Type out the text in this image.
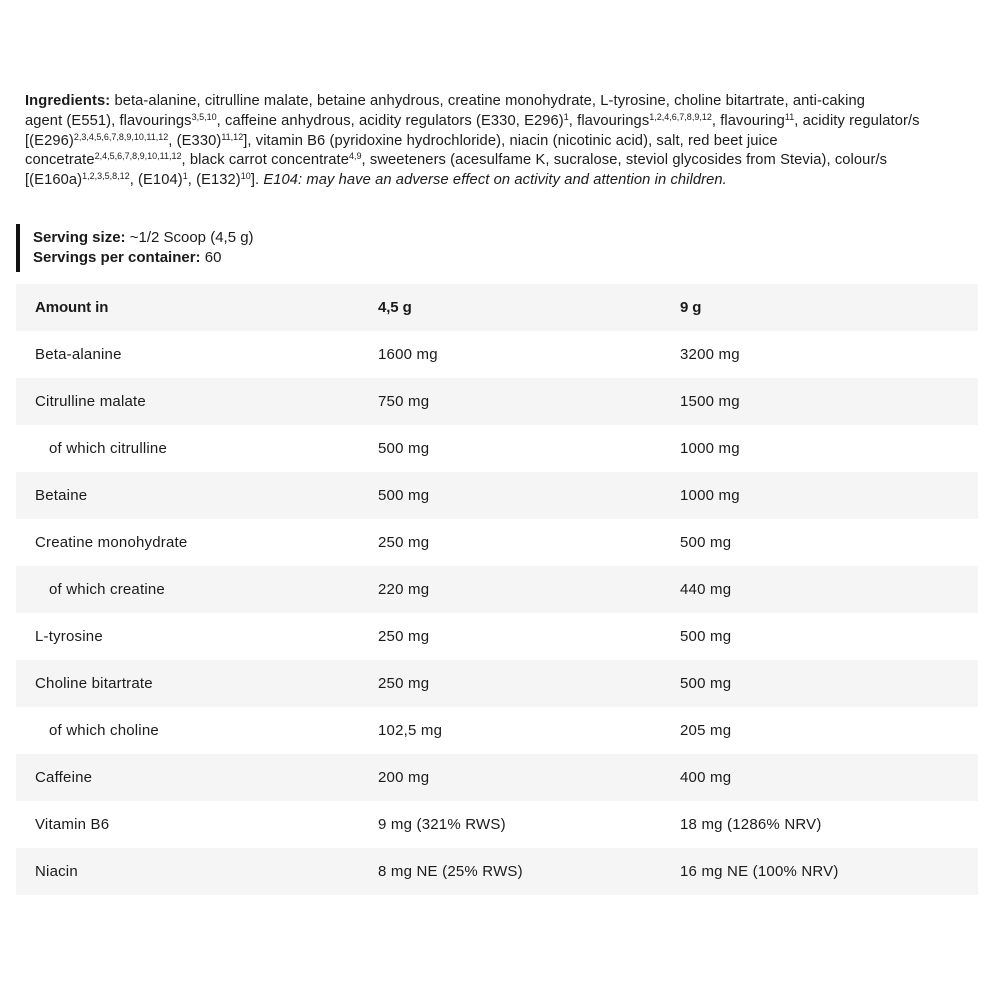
Ingredients: beta-alanine, citrulline malate, betaine anhydrous, creatine monohydrate, L-tyrosine, choline bitartrate, anti-caking
agent (E551), flavourings$^{3,5,10}$, caffeine anhydrous, acidity regulators (E330, E296)$^1$, flavourings$^{1,2,4,6,7,8,9,12}$, flavouring$^{11}$, acidity regulator/s
[$(E296)^{2,3,4,5,6,7,8,9,10,11,12}$, $(E330)^{11,12}$], vitamin B6 (pyridoxine hydrochloride), niacin (nicotinic acid), salt, red beet juice
concetrate$^{2,4,5,6,7,8,9,10,11,12}$, black carrot concentrate$^{4,9}$, sweeteners (acesulfame K, sucralose, steviol glycosides from Stevia), colour/s
[$(E160a)^{1,2,3,5,8,12}$, $(E104)^1$, $(E132)^{10}$]. E104: may have an adverse effect on activity and attention in children.

Serving size: ~1/2 Scoop (4,5 g)
Servings per container: 60
Amount in	4,5 g	9 g
Beta-alanine	1600 mg	3200 mg
Citrulline malate	750 mg	1500 mg
of which citrulline	500 mg	1000 mg
Betaine	500 mg	1000 mg
Creatine monohydrate	250 mg	500 mg
of which creatine	220 mg	440 mg
L-tyrosine	250 mg	500 mg
Choline bitartrate	250 mg	500 mg
of which choline	102,5 mg	205 mg
Caffeine	200 mg	400 mg
Vitamin B6	9 mg (321% RWS)	18 mg (1286% NRV)
Niacin	8 mg NE (25% RWS)	16 mg NE (100% NRV)
